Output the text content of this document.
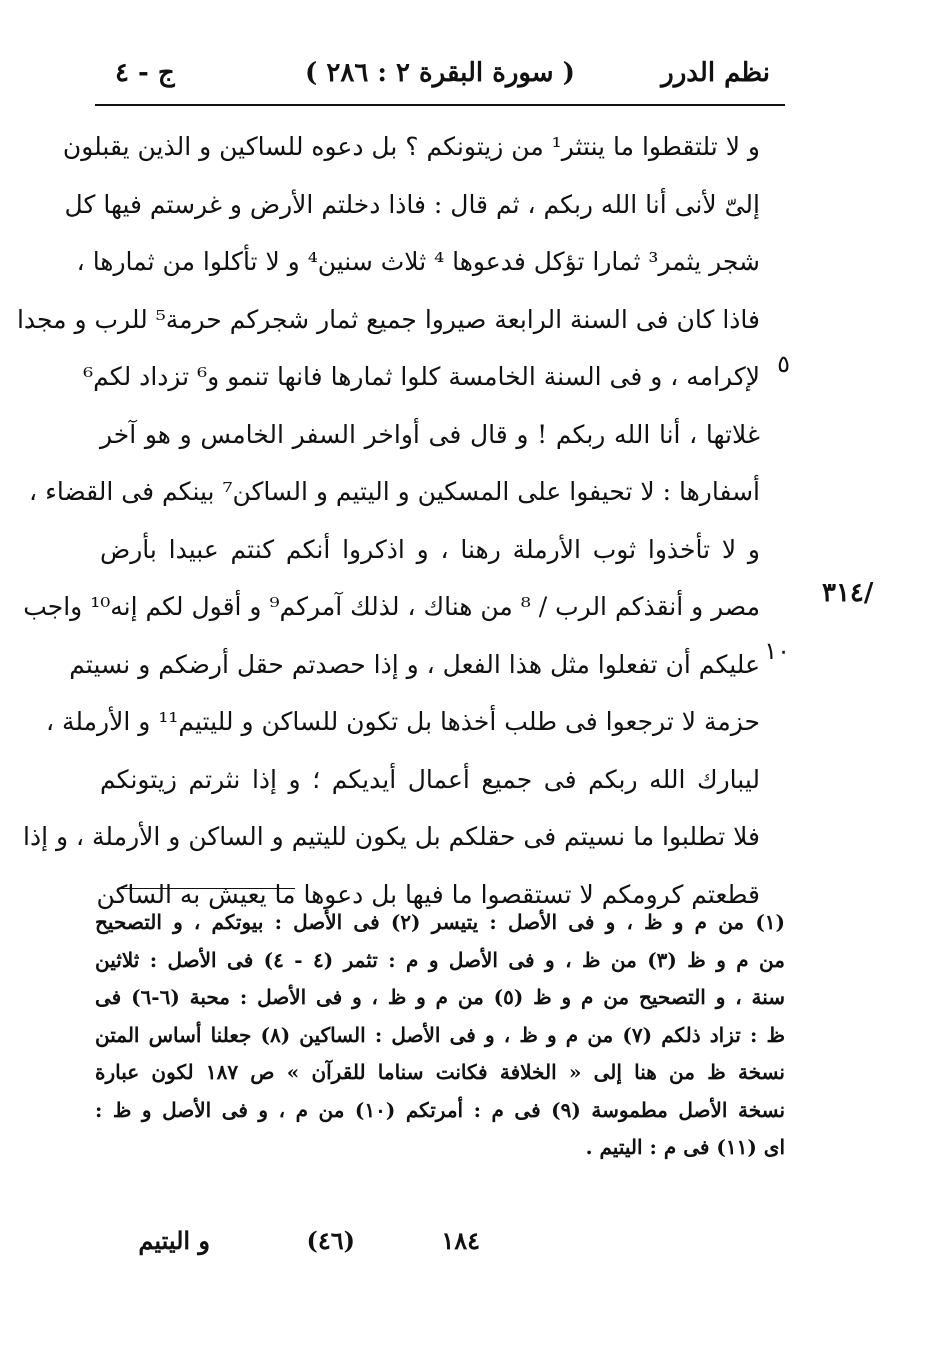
نظم الدرر
( سورة البقرة ٢ : ٢٨٦ )
ج - ٤
/٣١٤
٥
١٠
و لا تلتقطوا ما ينتثر¹ من زيتونكم ؟ بل دعوه للساكين و الذين يقبلون
إلىّ لأنى أنا الله ربكم ، ثم قال : فاذا دخلتم الأرض و غرستم فيها كل
شجر يثمر³ ثمارا تؤكل فدعوها ⁴ ثلاث سنين⁴ و لا تأكلوا من ثمارها ،
فاذا كان فى السنة الرابعة صيروا جميع ثمار شجركم حرمة⁵ للرب و مجدا
لإكرامه ، و فى السنة الخامسة كلوا ثمارها فانها تنمو و⁶ تزداد لكم⁶
غلاتها ، أنا الله ربكم ! و قال فى أواخر السفر الخامس و هو آخر
أسفارها : لا تحيفوا على المسكين و اليتيم و الساكن⁷ بينكم فى القضاء ،
و لا تأخذوا ثوب الأرملة رهنا ، و اذكروا أنكم كنتم عبيدا بأرض
مصر و أنقذكم الرب / ⁸ من هناك ، لذلك آمركم⁹ و أقول لكم إنه¹⁰ واجب
عليكم أن تفعلوا مثل هذا الفعل ، و إذا حصدتم حقل أرضكم و نسيتم
حزمة لا ترجعوا فى طلب أخذها بل تكون للساكن و لليتيم¹¹ و الأرملة ،
ليبارك الله ربكم فى جميع أعمال أيديكم ؛ و إذا نثرتم زيتونكم
فلا تطلبوا ما نسيتم فى حقلكم بل يكون لليتيم و الساكن و الأرملة ، و إذا
قطعتم كرومكم لا تستقصوا ما فيها بل دعوها ما يعيش به الساكن
(١) من م و ظ ، و فى الأصل : يتيسر (٢) فى الأصل : بيوتكم ، و التصحيح
من م و ظ (٣) من ظ ، و فى الأصل و م : تثمر (٤ - ٤) فى الأصل : ثلاثين
سنة ، و التصحيح من م و ظ (٥) من م و ظ ، و فى الأصل : محبة (٦-٦) فى
ظ : تزاد ذلكم (٧) من م و ظ ، و فى الأصل : الساكين (٨) جعلنا أساس المتن
نسخة ظ من هنا إلى « الخلافة فكانت سناما للقرآن » ص ١٨٧ لكون عبارة
نسخة الأصل مطموسة (٩) فى م : أمرتكم (١٠) من م ، و فى الأصل و ظ :
اى (١١) فى م : اليتيم .
١٨٤
(٤٦)
و اليتيم
